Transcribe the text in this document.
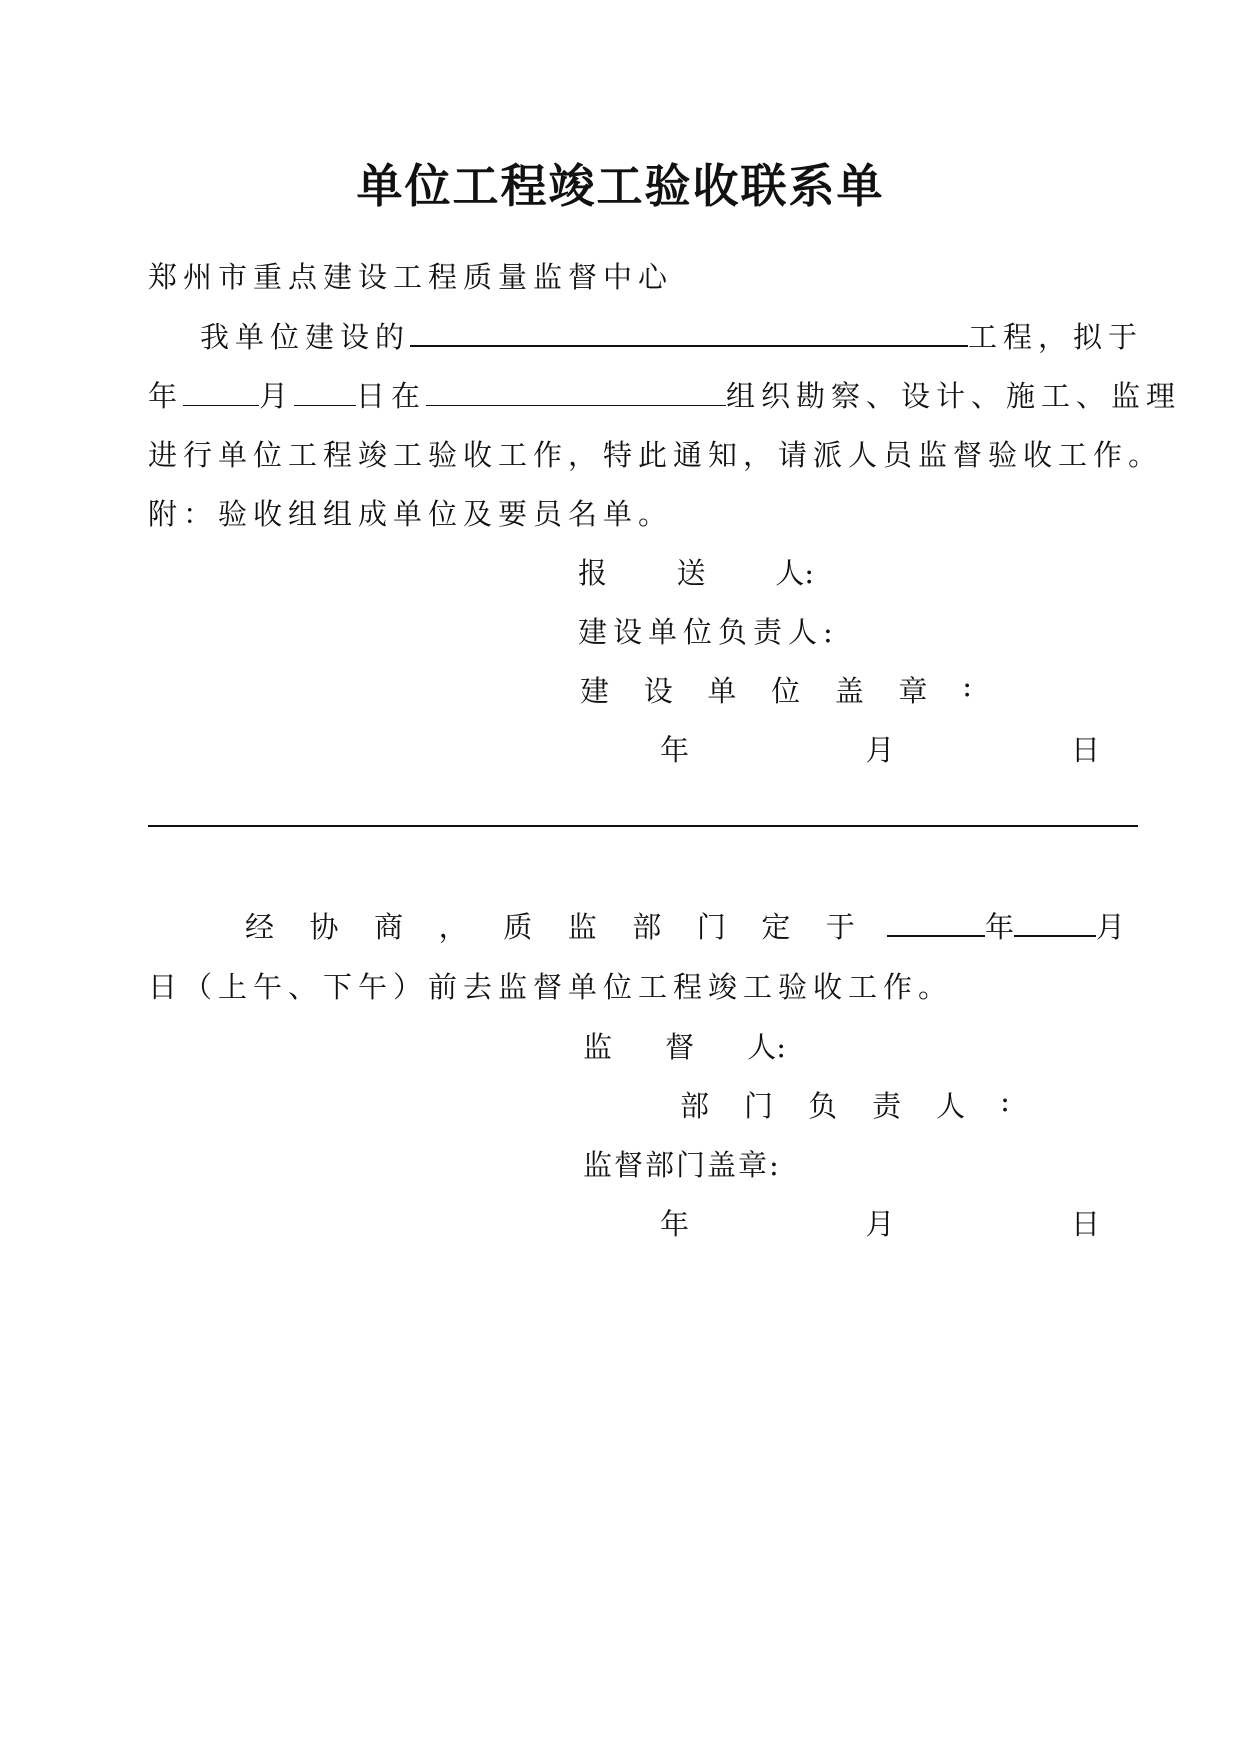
单位工程竣工验收联系单
郑州市重点建设工程质量监督中心
我单位建设的	工程，拟于
年	月 日在	组织勘察、设计、施工、监理
进行单位工程竣工验收工作，特此通知，请派人员监督验收工作。
附：验收组组成单位及要员名单。
报 送 人:
建设单位负责人:
建 设 单 位 盖 章 :
年	月	日
经 协 商 ， 质 监 部 门 定 于	年	月
日（上午、下午）前去监督单位工程竣工验收工作。
监 督 人:
部 门 负 责 人 :
监督部门盖章:
年	月	日
